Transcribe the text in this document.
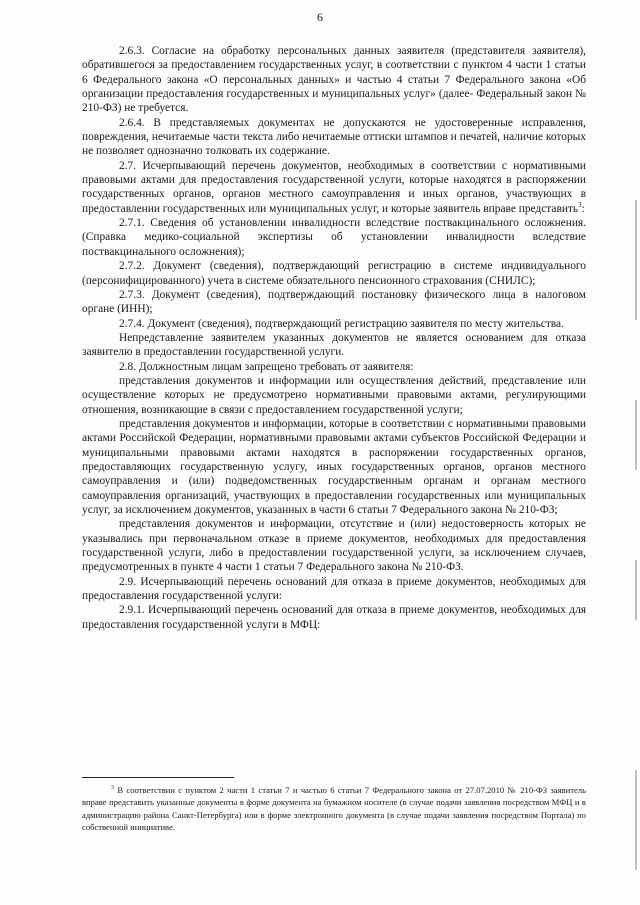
6

2.6.3. Согласие на обработку персональных данных заявителя (представителя заявителя), обратившегося за предоставлением государственных услуг, в соответствии с пунктом 4 части 1 статьи 6 Федерального закона «О персональных данных» и частью 4 статьи 7 Федерального закона «Об организации предоставления государственных и муниципальных услуг» (далее- Федеральный закон № 210-ФЗ) не требуется.

2.6.4. В представляемых документах не допускаются не удостоверенные исправления, повреждения, нечитаемые части текста либо нечитаемые оттиски штампов и печатей, наличие которых не позволяет однозначно толковать их содержание.

2.7. Исчерпывающий перечень документов, необходимых в соответствии с нормативными правовыми актами для предоставления государственной услуги, которые находятся в распоряжении государственных органов, органов местного самоуправления и иных органов, участвующих в предоставлении государственных или муниципальных услуг, и которые заявитель вправе представить$^3$:

2.7.1. Сведения об установлении инвалидности вследствие поствакцинального осложнения. (Справка медико-социальной экспертизы об установлении инвалидности вследствие поствакцинального осложнения);

2.7.2. Документ (сведения), подтверждающий регистрацию в системе индивидуального (персонифицированного) учета в системе обязательного пенсионного страхования (СНИЛС);

2.7.3. Документ (сведения), подтверждающий постановку физического лица в налоговом органе (ИНН);

2.7.4. Документ (сведения), подтверждающий регистрацию заявителя по месту жительства.

Непредставление заявителем указанных документов не является основанием для отказа заявителю в предоставлении государственной услуги.

2.8. Должностным лицам запрещено требовать от заявителя:

представления документов и информации или осуществления действий, представление или осуществление которых не предусмотрено нормативными правовыми актами, регулирующими отношения, возникающие в связи с предоставлением государственной услуги;

представления документов и информации, которые в соответствии с нормативными правовыми актами Российской Федерации, нормативными правовыми актами субъектов Российской Федерации и муниципальными правовыми актами находятся в распоряжении государственных органов, предоставляющих государственную услугу, иных государственных органов, органов местного самоуправления и (или) подведомственных государственным органам и органам местного самоуправления организаций, участвующих в предоставлении государственных или муниципальных услуг, за исключением документов, указанных в части 6 статьи 7 Федерального закона № 210-ФЗ;

представления документов и информации, отсутствие и (или) недостоверность которых не указывались при первоначальном отказе в приеме документов, необходимых для предоставления государственной услуги, либо в предоставлении государственной услуги, за исключением случаев, предусмотренных в пункте 4 части 1 статьи 7 Федерального закона № 210-ФЗ.

2.9. Исчерпывающий перечень оснований для отказа в приеме документов, необходимых для предоставления государственной услуги:

2.9.1. Исчерпывающий перечень оснований для отказа в приеме документов, необходимых для предоставления государственной услуги в МФЦ:

$^3$ В соответствии с пунктом 2 части 1 статьи 7 и частью 6 статьи 7 Федерального закона от 27.07.2010 № 210-ФЗ заявитель вправе представить указанные документы в форме документа на бумажном носителе (в случае подачи заявления посредством МФЦ и в администрацию района Санкт-Петербурга) или в форме электронного документа (в случае подачи заявления посредством Портала) по собственной инициативе.
